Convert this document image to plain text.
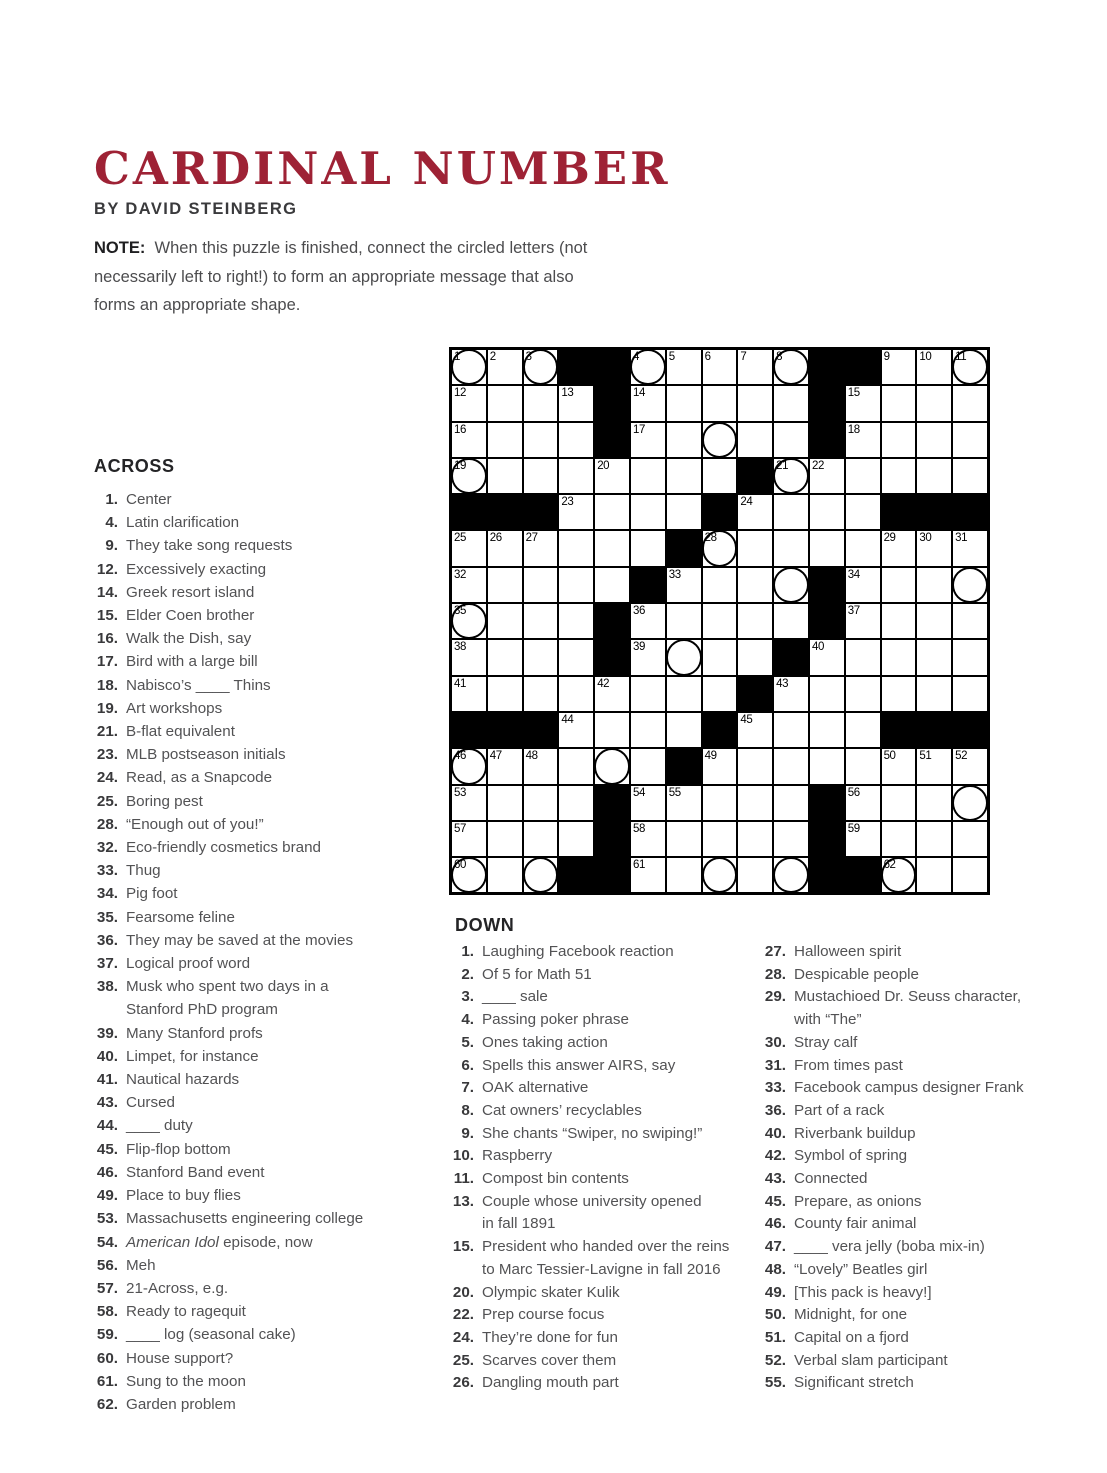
CARDINAL NUMBER
BY DAVID STEINBERG

NOTE: When this puzzle is finished, connect the circled letters (not necessarily left to right!) to form an appropriate message that also forms an appropriate shape.

1	2	3	4	5	6	7	8	9	10 11
12	13	14	15
16	17	18
19	20	21 22
23	24
25 26 27	28	29 30 31
32	33	34
35	36	37
38	39	40
41	42	43
44	45
46 47 48	49	50 51 52
53	54 55	56
57	58	59
60	61	62
ACROSS
1. Center
4. Latin clarification
9. They take song requests
12. Excessively exacting
14. Greek resort island
15. Elder Coen brother
16. Walk the Dish, say
17. Bird with a large bill
18. Nabisco’s ____ Thins
19. Art workshops
21. B-flat equivalent
23. MLB postseason initials
24. Read, as a Snapcode
25. Boring pest
28. “Enough out of you!”
32. Eco-friendly cosmetics brand
33. Thug
34. Pig foot
35. Fearsome feline
36. They may be saved at the movies
37. Logical proof word
38. Musk who spent two days in a
Stanford PhD program
39. Many Stanford profs
40. Limpet, for instance
41. Nautical hazards
43. Cursed
44. ____ duty
45. Flip-flop bottom
46. Stanford Band event
49. Place to buy flies
53. Massachusetts engineering college
54. American Idol episode, now
56. Meh
57. 21-Across, e.g.
58. Ready to ragequit
59. ____ log (seasonal cake)
60. House support?
61. Sung to the moon
62. Garden problem
DOWN
1. Laughing Facebook reaction
2. Of 5 for Math 51
3. ____ sale
4. Passing poker phrase
5. Ones taking action
6. Spells this answer AIRS, say
7. OAK alternative
8. Cat owners’ recyclables
9. She chants “Swiper, no swiping!”
10. Raspberry
11. Compost bin contents
13. Couple whose university opened
in fall 1891
15. President who handed over the reins
to Marc Tessier-Lavigne in fall 2016
20. Olympic skater Kulik
22. Prep course focus
24. They’re done for fun
25. Scarves cover them
26. Dangling mouth part
27. Halloween spirit
28. Despicable people
29. Mustachioed Dr. Seuss character,
with “The”
30. Stray calf
31. From times past
33. Facebook campus designer Frank
36. Part of a rack
40. Riverbank buildup
42. Symbol of spring
43. Connected
45. Prepare, as onions
46. County fair animal
47. ____ vera jelly (boba mix-in)
48. “Lovely” Beatles girl
49. [This pack is heavy!]
50. Midnight, for one
51. Capital on a fjord
52. Verbal slam participant
55. Significant stretch
